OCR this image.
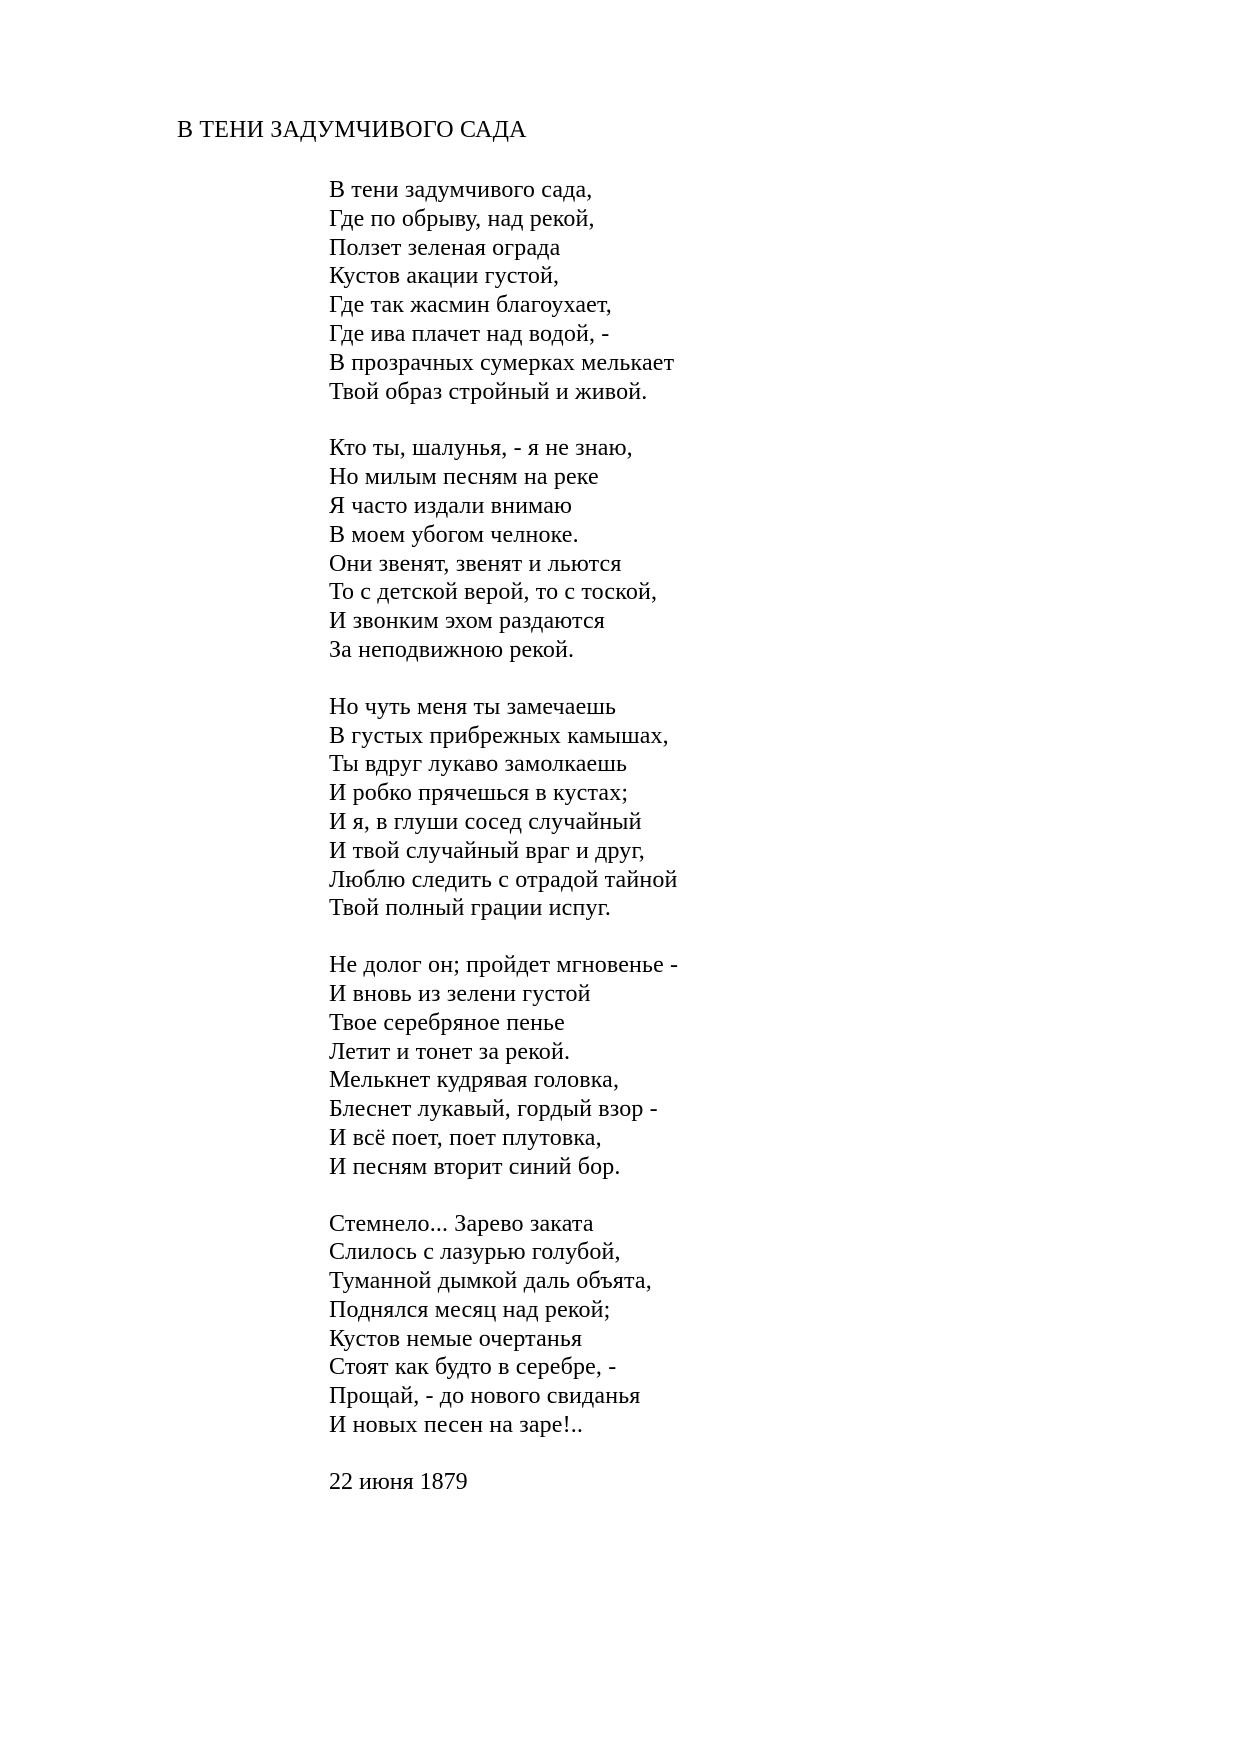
В ТЕНИ ЗАДУМЧИВОГО САДА
В тени задумчивого сада,
Где по обрыву, над рекой,
Ползет зеленая ограда
Кустов акации густой,
Где так жасмин благоухает,
Где ива плачет над водой, -
В прозрачных сумерках мелькает
Твой образ стройный и живой.
Кто ты, шалунья, - я не знаю,
Но милым песням на реке
Я часто издали внимаю
В моем убогом челноке.
Они звенят, звенят и льются
То с детской верой, то с тоской,
И звонким эхом раздаются
За неподвижною рекой.
Но чуть меня ты замечаешь
В густых прибрежных камышах,
Ты вдруг лукаво замолкаешь
И робко прячешься в кустах;
И я, в глуши сосед случайный
И твой случайный враг и друг,
Люблю следить с отрадой тайной
Твой полный грации испуг.
Не долог он; пройдет мгновенье -
И вновь из зелени густой
Твое серебряное пенье
Летит и тонет за рекой.
Мелькнет кудрявая головка,
Блеснет лукавый, гордый взор -
И всё поет, поет плутовка,
И песням вторит синий бор.
Стемнело... Зарево заката
Слилось с лазурью голубой,
Туманной дымкой даль объята,
Поднялся месяц над рекой;
Кустов немые очертанья
Стоят как будто в серебре, -
Прощай, - до нового свиданья
И новых песен на заре!..
22 июня 1879
